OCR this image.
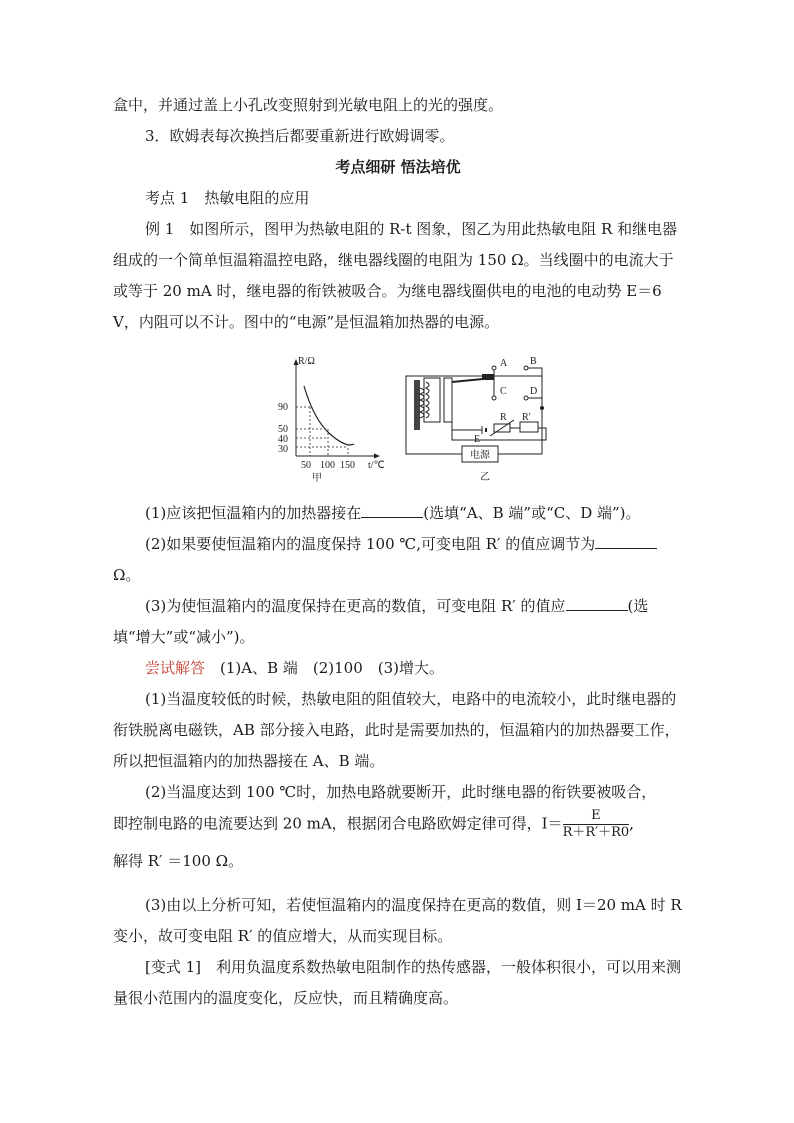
盒中，并通过盖上小孔改变照射到光敏电阻上的光的强度。

3．欧姆表每次换挡后都要重新进行欧姆调零。

考点细研 悟法培优

考点 1  热敏电阻的应用

例 1　如图所示，图甲为热敏电阻的 R-t 图象，图乙为用此热敏电阻 R 和继电器组成的一个简单恒温箱温控电路，继电器线圈的电阻为 150 Ω。当线圈中的电流大于或等于 20 mA 时，继电器的衔铁被吸合。为继电器线圈供电的电池的电动势 E＝6 V，内阻可以不计。图中的“电源”是恒温箱加热器的电源。

R/Ω
t/℃
90
50
40
30
50 100 150
甲
A B
C D
R R′
E
电源
乙

(1)应该把恒温箱内的加热器接在	(选填“A、B 端”或“C、D 端”)。

(2)如果要使恒温箱内的温度保持 100 ℃,可变电阻 R′ 的值应调节为Ω。

(3)为使恒温箱内的温度保持在更高的数值，可变电阻 R′ 的值应	(选填“增大”或“减小”)。

尝试解答　(1)A、B 端　(2)100　(3)增大。

(1)当温度较低的时候，热敏电阻的阻值较大，电路中的电流较小，此时继电器的衔铁脱离电磁铁，AB 部分接入电路，此时是需要加热的，恒温箱内的加热器要工作，所以把恒温箱内的加热器接在 A、B 端。

(2)当温度达到 100 ℃时，加热电路就要断开，此时继电器的衔铁要被吸合，

即控制电路的电流要达到 20 mA，根据闭合电路欧姆定律可得，$I= \frac{E}{R+R'+R0}$ ,

解得 R′ ＝100 Ω。

(3)由以上分析可知，若使恒温箱内的温度保持在更高的数值，则 I＝20 mA 时 R 变小，故可变电阻 R′ 的值应增大，从而实现目标。

[变式 1]　利用负温度系数热敏电阻制作的热传感器，一般体积很小，可以用来测量很小范围内的温度变化，反应快，而且精确度高。
